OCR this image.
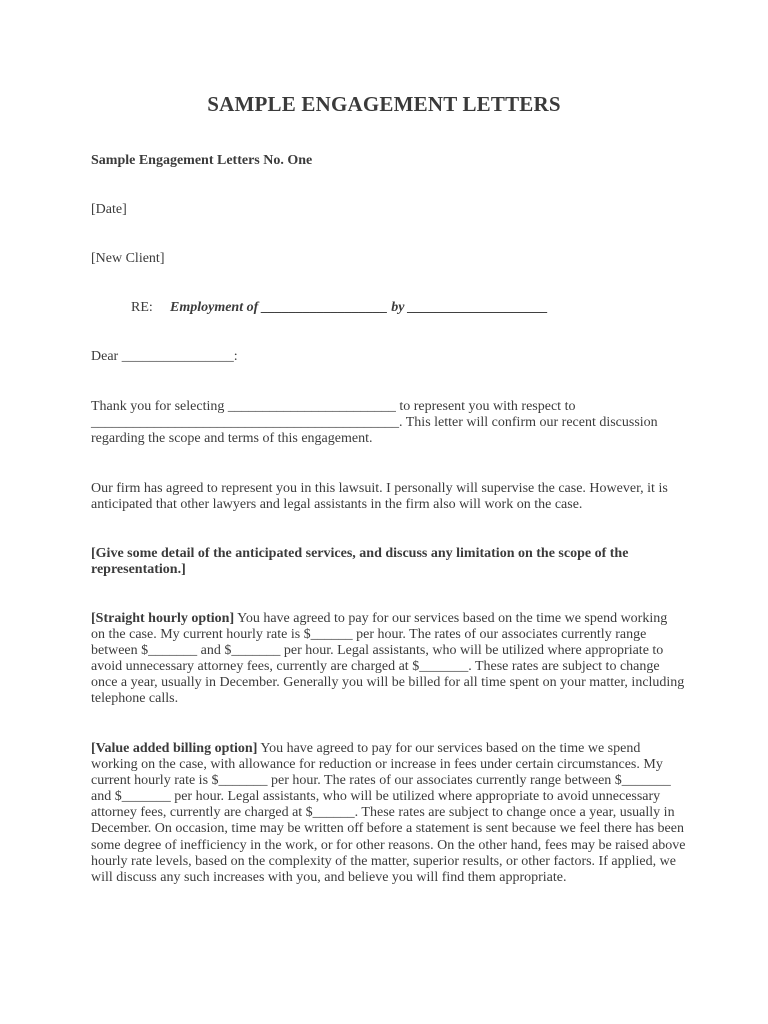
SAMPLE ENGAGEMENT LETTERS

Sample Engagement Letters No. One

[Date]

[New Client]

RE: Employment of __________________ by ____________________

Dear ________________:

Thank you for selecting ________________________ to represent you with respect to
____________________________________________. This letter will confirm our recent discussion
regarding the scope and terms of this engagement.
Our firm has agreed to represent you in this lawsuit. I personally will supervise the case. However, it is
anticipated that other lawyers and legal assistants in the firm also will work on the case.
[Give some detail of the anticipated services, and discuss any limitation on the scope of the
representation.]
[Straight hourly option] You have agreed to pay for our services based on the time we spend working
on the case. My current hourly rate is $______ per hour. The rates of our associates currently range
between $_______ and $_______ per hour. Legal assistants, who will be utilized where appropriate to
avoid unnecessary attorney fees, currently are charged at $_______. These rates are subject to change
once a year, usually in December. Generally you will be billed for all time spent on your matter, including
telephone calls.
[Value added billing option] You have agreed to pay for our services based on the time we spend
working on the case, with allowance for reduction or increase in fees under certain circumstances. My
current hourly rate is $_______ per hour. The rates of our associates currently range between $_______
and $_______ per hour. Legal assistants, who will be utilized where appropriate to avoid unnecessary
attorney fees, currently are charged at $______. These rates are subject to change once a year, usually in
December. On occasion, time may be written off before a statement is sent because we feel there has been
some degree of inefficiency in the work, or for other reasons. On the other hand, fees may be raised above
hourly rate levels, based on the complexity of the matter, superior results, or other factors. If applied, we
will discuss any such increases with you, and believe you will find them appropriate.
